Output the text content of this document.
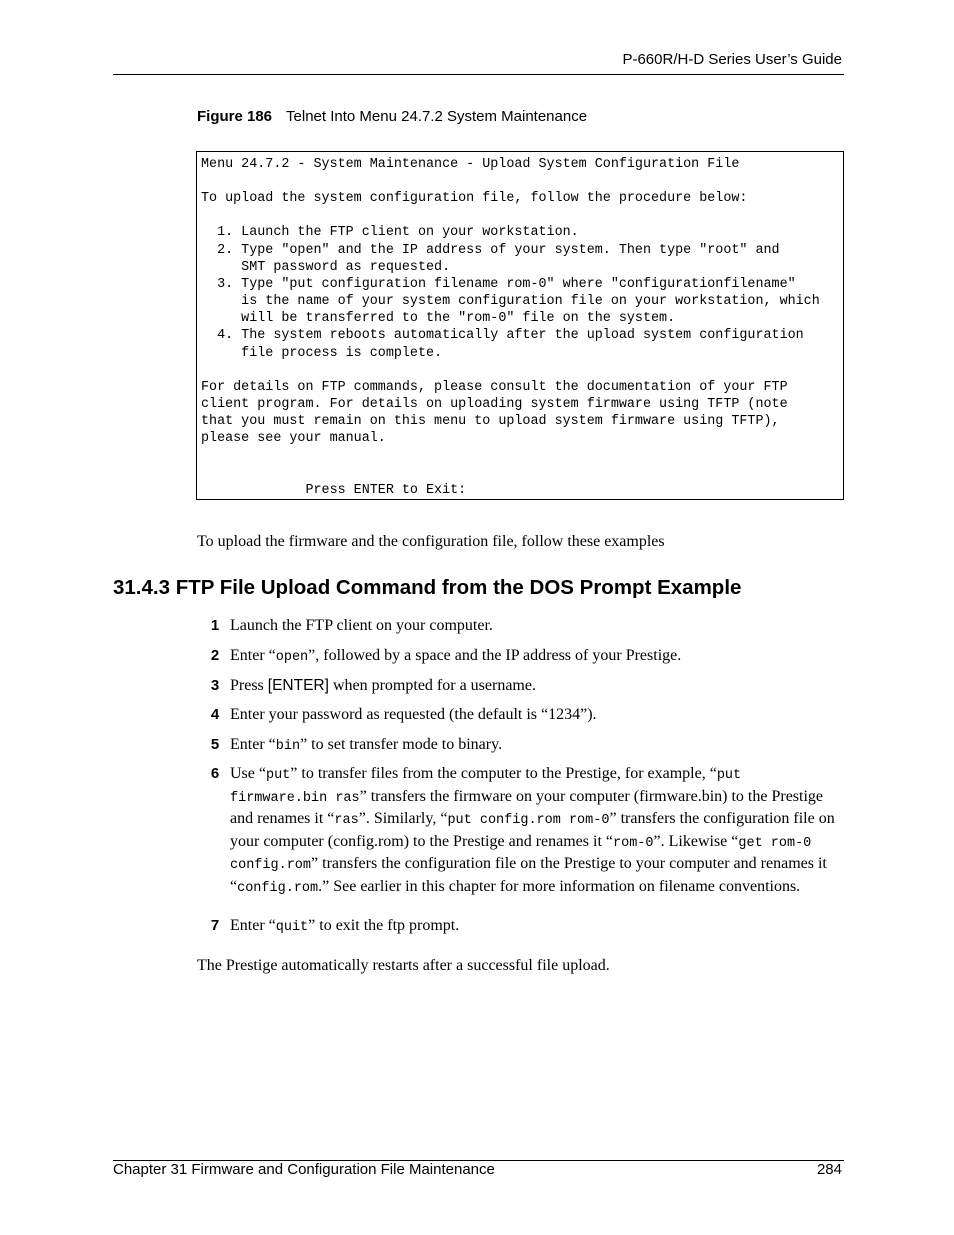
P-660R/H-D Series User’s Guide
Figure 186 Telnet Into Menu 24.7.2 System Maintenance
Menu 24.7.2 - System Maintenance - Upload System Configuration File
To upload the system configuration file, follow the procedure below:
1. Launch the FTP client on your workstation.
2. Type "open" and the IP address of your system. Then type "root" and
SMT password as requested.
3. Type "put configuration filename rom-0" where "configurationfilename"
is the name of your system configuration file on your workstation, which
will be transferred to the "rom-0" file on the system.
4. The system reboots automatically after the upload system configuration
file process is complete.
For details on FTP commands, please consult the documentation of your FTP
client program. For details on uploading system firmware using TFTP (note
that you must remain on this menu to upload system firmware using TFTP),
please see your manual.
Press ENTER to Exit:
To upload the firmware and the configuration file, follow these examples
31.4.3 FTP File Upload Command from the DOS Prompt Example
1 Launch the FTP client on your computer.
2 Enter “open”, followed by a space and the IP address of your Prestige.
3 Press [ENTER] when prompted for a username.
4 Enter your password as requested (the default is “1234”).
5 Enter “bin” to set transfer mode to binary.
6 Use “put” to transfer files from the computer to the Prestige, for example, “put firmware.bin ras” transfers the firmware on your computer (firmware.bin) to the Prestige and renames it “ras”. Similarly, “put config.rom rom-0” transfers the configuration file on your computer (config.rom) to the Prestige and renames it “rom-0”. Likewise “get rom-0 config.rom” transfers the configuration file on the Prestige to your computer and renames it “config.rom.” See earlier in this chapter for more information on filename conventions.
7 Enter “quit” to exit the ftp prompt.
The Prestige automatically restarts after a successful file upload.
Chapter 31 Firmware and Configuration File Maintenance	284
